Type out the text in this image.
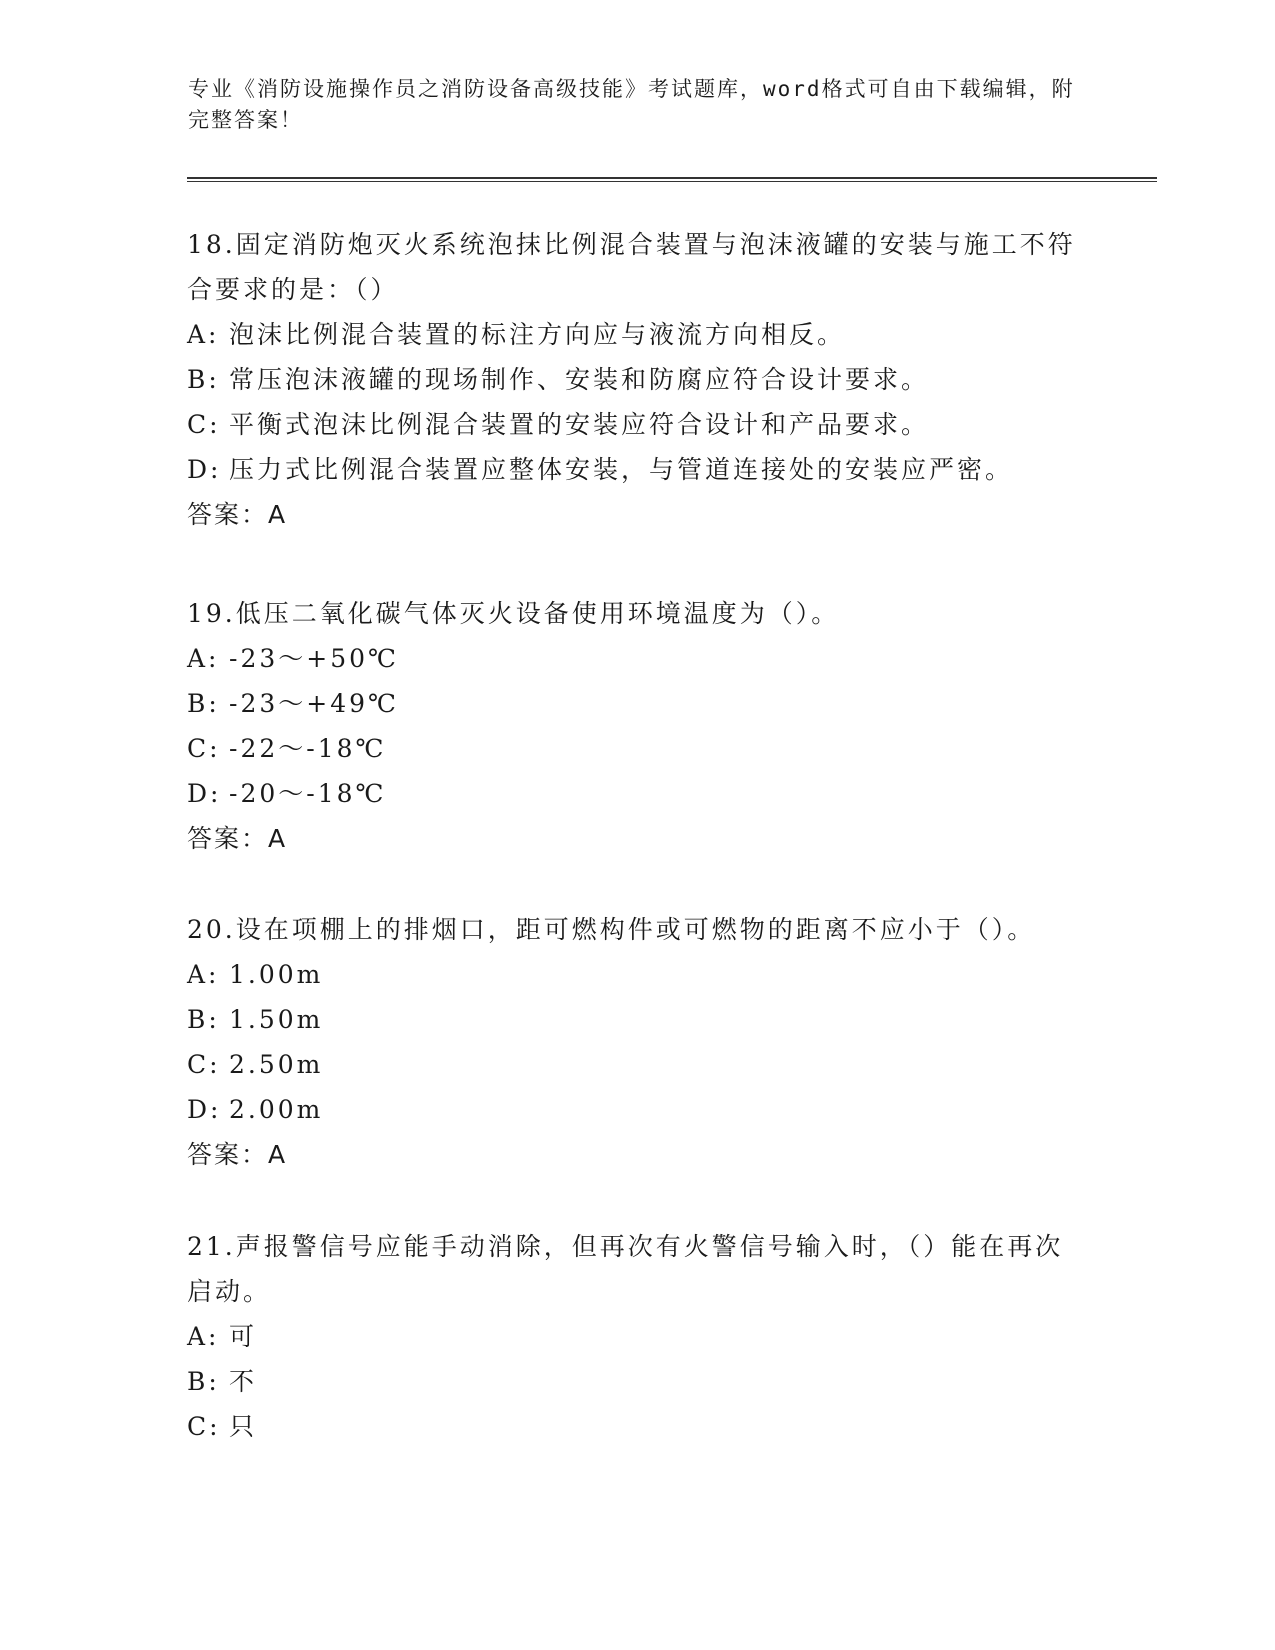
专业《消防设施操作员之消防设备高级技能》考试题库，word格式可自由下载编辑，附完整答案！

18.固定消防炮灭火系统泡抹比例混合装置与泡沫液罐的安装与施工不符合要求的是：（）

A: 泡沫比例混合装置的标注方向应与液流方向相反。

B: 常压泡沫液罐的现场制作、安装和防腐应符合设计要求。

C: 平衡式泡沫比例混合装置的安装应符合设计和产品要求。

D: 压力式比例混合装置应整体安装，与管道连接处的安装应严密。

答案：A

19.低压二氧化碳气体灭火设备使用环境温度为（）。

A: -23～+50℃

B: -23～+49℃

C: -22～-18℃

D: -20～-18℃

答案：A

20.设在项棚上的排烟口，距可燃构件或可燃物的距离不应小于（）。

A: 1.00m

B: 1.50m

C: 2.50m

D: 2.00m

答案：A

21.声报警信号应能手动消除，但再次有火警信号输入时，（）能在再次启动。

A: 可

B: 不

C: 只
